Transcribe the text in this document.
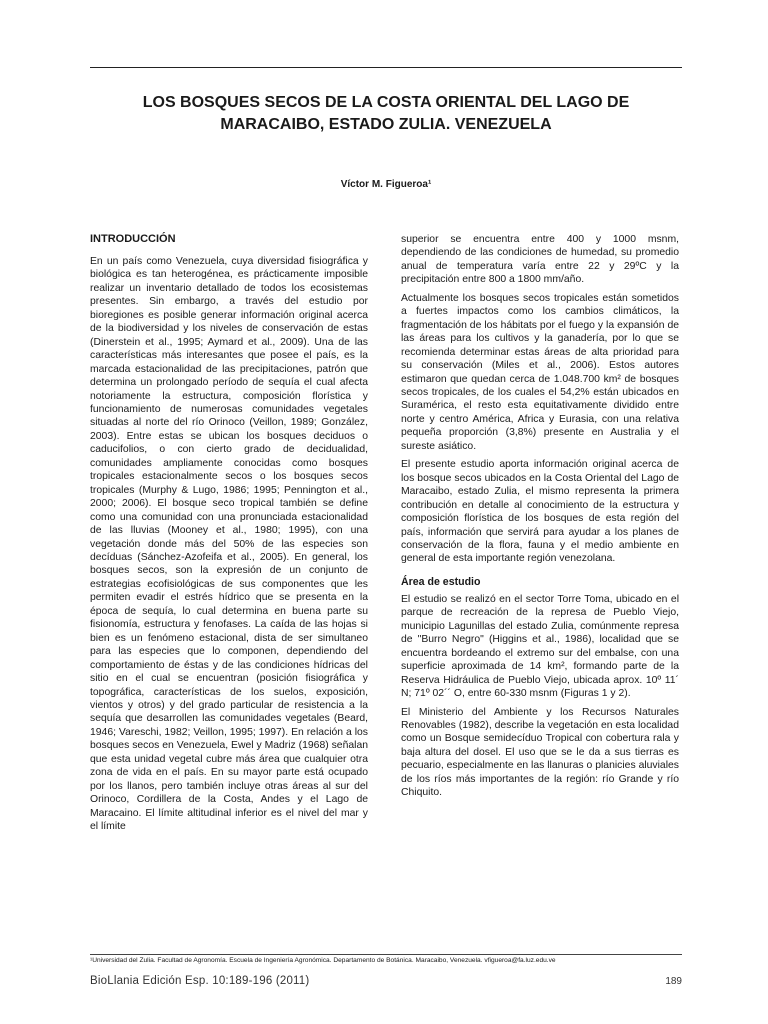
LOS BOSQUES SECOS DE LA COSTA ORIENTAL DEL LAGO DE
MARACAIBO, ESTADO ZULIA. VENEZUELA

Víctor M. Figueroa¹

INTRODUCCIÓN

En un país como Venezuela, cuya diversidad fisiográfica y biológica es tan heterogénea, es prácticamente imposible realizar un inventario detallado de todos los ecosistemas presentes. Sin embargo, a través del estudio por bioregiones es posible generar información original acerca de la biodiversidad y los niveles de conservación de estas (Dinerstein et al., 1995; Aymard et al., 2009). Una de las características más interesantes que posee el país, es la marcada estacionalidad de las precipitaciones, patrón que determina un prolongado período de sequía el cual afecta notoriamente la estructura, composición florística y funcionamiento de numerosas comunidades vegetales situadas al norte del río Orinoco (Veillon, 1989; González, 2003). Entre estas se ubican los bosques deciduos o caducifolios, o con cierto grado de decidualidad, comunidades ampliamente conocidas como bosques tropicales estacionalmente secos o los bosques secos tropicales (Murphy & Lugo, 1986; 1995; Pennington et al., 2000; 2006). El bosque seco tropical también se define como una comunidad con una pronunciada estacionalidad de las lluvias (Mooney et al., 1980; 1995), con una vegetación donde más del 50% de las especies son decíduas (Sánchez-Azofeifa et al., 2005). En general, los bosques secos, son la expresión de un conjunto de estrategias ecofisiológicas de sus componentes que les permiten evadir el estrés hídrico que se presenta en la época de sequía, lo cual determina en buena parte su fisionomía, estructura y fenofases. La caída de las hojas si bien es un fenómeno estacional, dista de ser simultaneo para las especies que lo componen, dependiendo del comportamiento de éstas y de las condiciones hídricas del sitio en el cual se encuentran (posición fisiográfica y topográfica, características de los suelos, exposición, vientos y otros) y del grado particular de resistencia a la sequía que desarrollen las comunidades vegetales (Beard, 1946; Vareschi, 1982; Veillon, 1995; 1997). En relación a los bosques secos en Venezuela, Ewel y Madriz (1968) señalan que esta unidad vegetal cubre más área que cualquier otra zona de vida en el país. En su mayor parte está ocupado por los llanos, pero también incluye otras áreas al sur del Orinoco, Cordillera de la Costa, Andes y el Lago de Maracaino. El límite altitudinal inferior es el nivel del mar y el límite

superior se encuentra entre 400 y 1000 msnm, dependiendo de las condiciones de humedad, su promedio anual de temperatura varía entre 22 y 29ºC y la precipitación entre 800 a 1800 mm/año.

Actualmente los bosques secos tropicales están sometidos a fuertes impactos como los cambios climáticos, la fragmentación de los hábitats por el fuego y la expansión de las áreas para los cultivos y la ganadería, por lo que se recomienda determinar estas áreas de alta prioridad para su conservación (Miles et al., 2006). Estos autores estimaron que quedan cerca de 1.048.700 km² de bosques secos tropicales, de los cuales el 54,2% están ubicados en Suramérica, el resto esta equitativamente dividido entre norte y centro América, Africa y Eurasia, con una relativa pequeña proporción (3,8%) presente en Australia y el sureste asiático.

El presente estudio aporta información original acerca de los bosque secos ubicados en la Costa Oriental del Lago de Maracaibo, estado Zulia, el mismo representa la primera contribución en detalle al conocimiento de la estructura y composición florística de los bosques de esta región del país, información que servirá para ayudar a los planes de conservación de la flora, fauna y el medio ambiente en general de esta importante región venezolana.

Área de estudio

El estudio se realizó en el sector Torre Toma, ubicado en el parque de recreación de la represa de Pueblo Viejo, municipio Lagunillas del estado Zulia, comúnmente represa de "Burro Negro" (Higgins et al., 1986), localidad que se encuentra bordeando el extremo sur del embalse, con una superficie aproximada de 14 km², formando parte de la Reserva Hidráulica de Pueblo Viejo, ubicada aprox. 10º 11´ N; 71º 02´´ O, entre 60-330 msnm (Figuras 1 y 2).

El Ministerio del Ambiente y los Recursos Naturales Renovables (1982), describe la vegetación en esta localidad como un Bosque semidecíduo Tropical con cobertura rala y baja altura del dosel. El uso que se le da a sus tierras es pecuario, especialmente en las llanuras o planicies aluviales de los ríos más importantes de la región: río Grande y río Chiquito.

¹Universidad del Zulia. Facultad de Agronomía. Escuela de Ingeniería Agronómica. Departamento de Botánica. Maracaibo, Venezuela. vfigueroa@fa.luz.edu.ve
BioLlania Edición Esp. 10:189-196 (2011)	189
